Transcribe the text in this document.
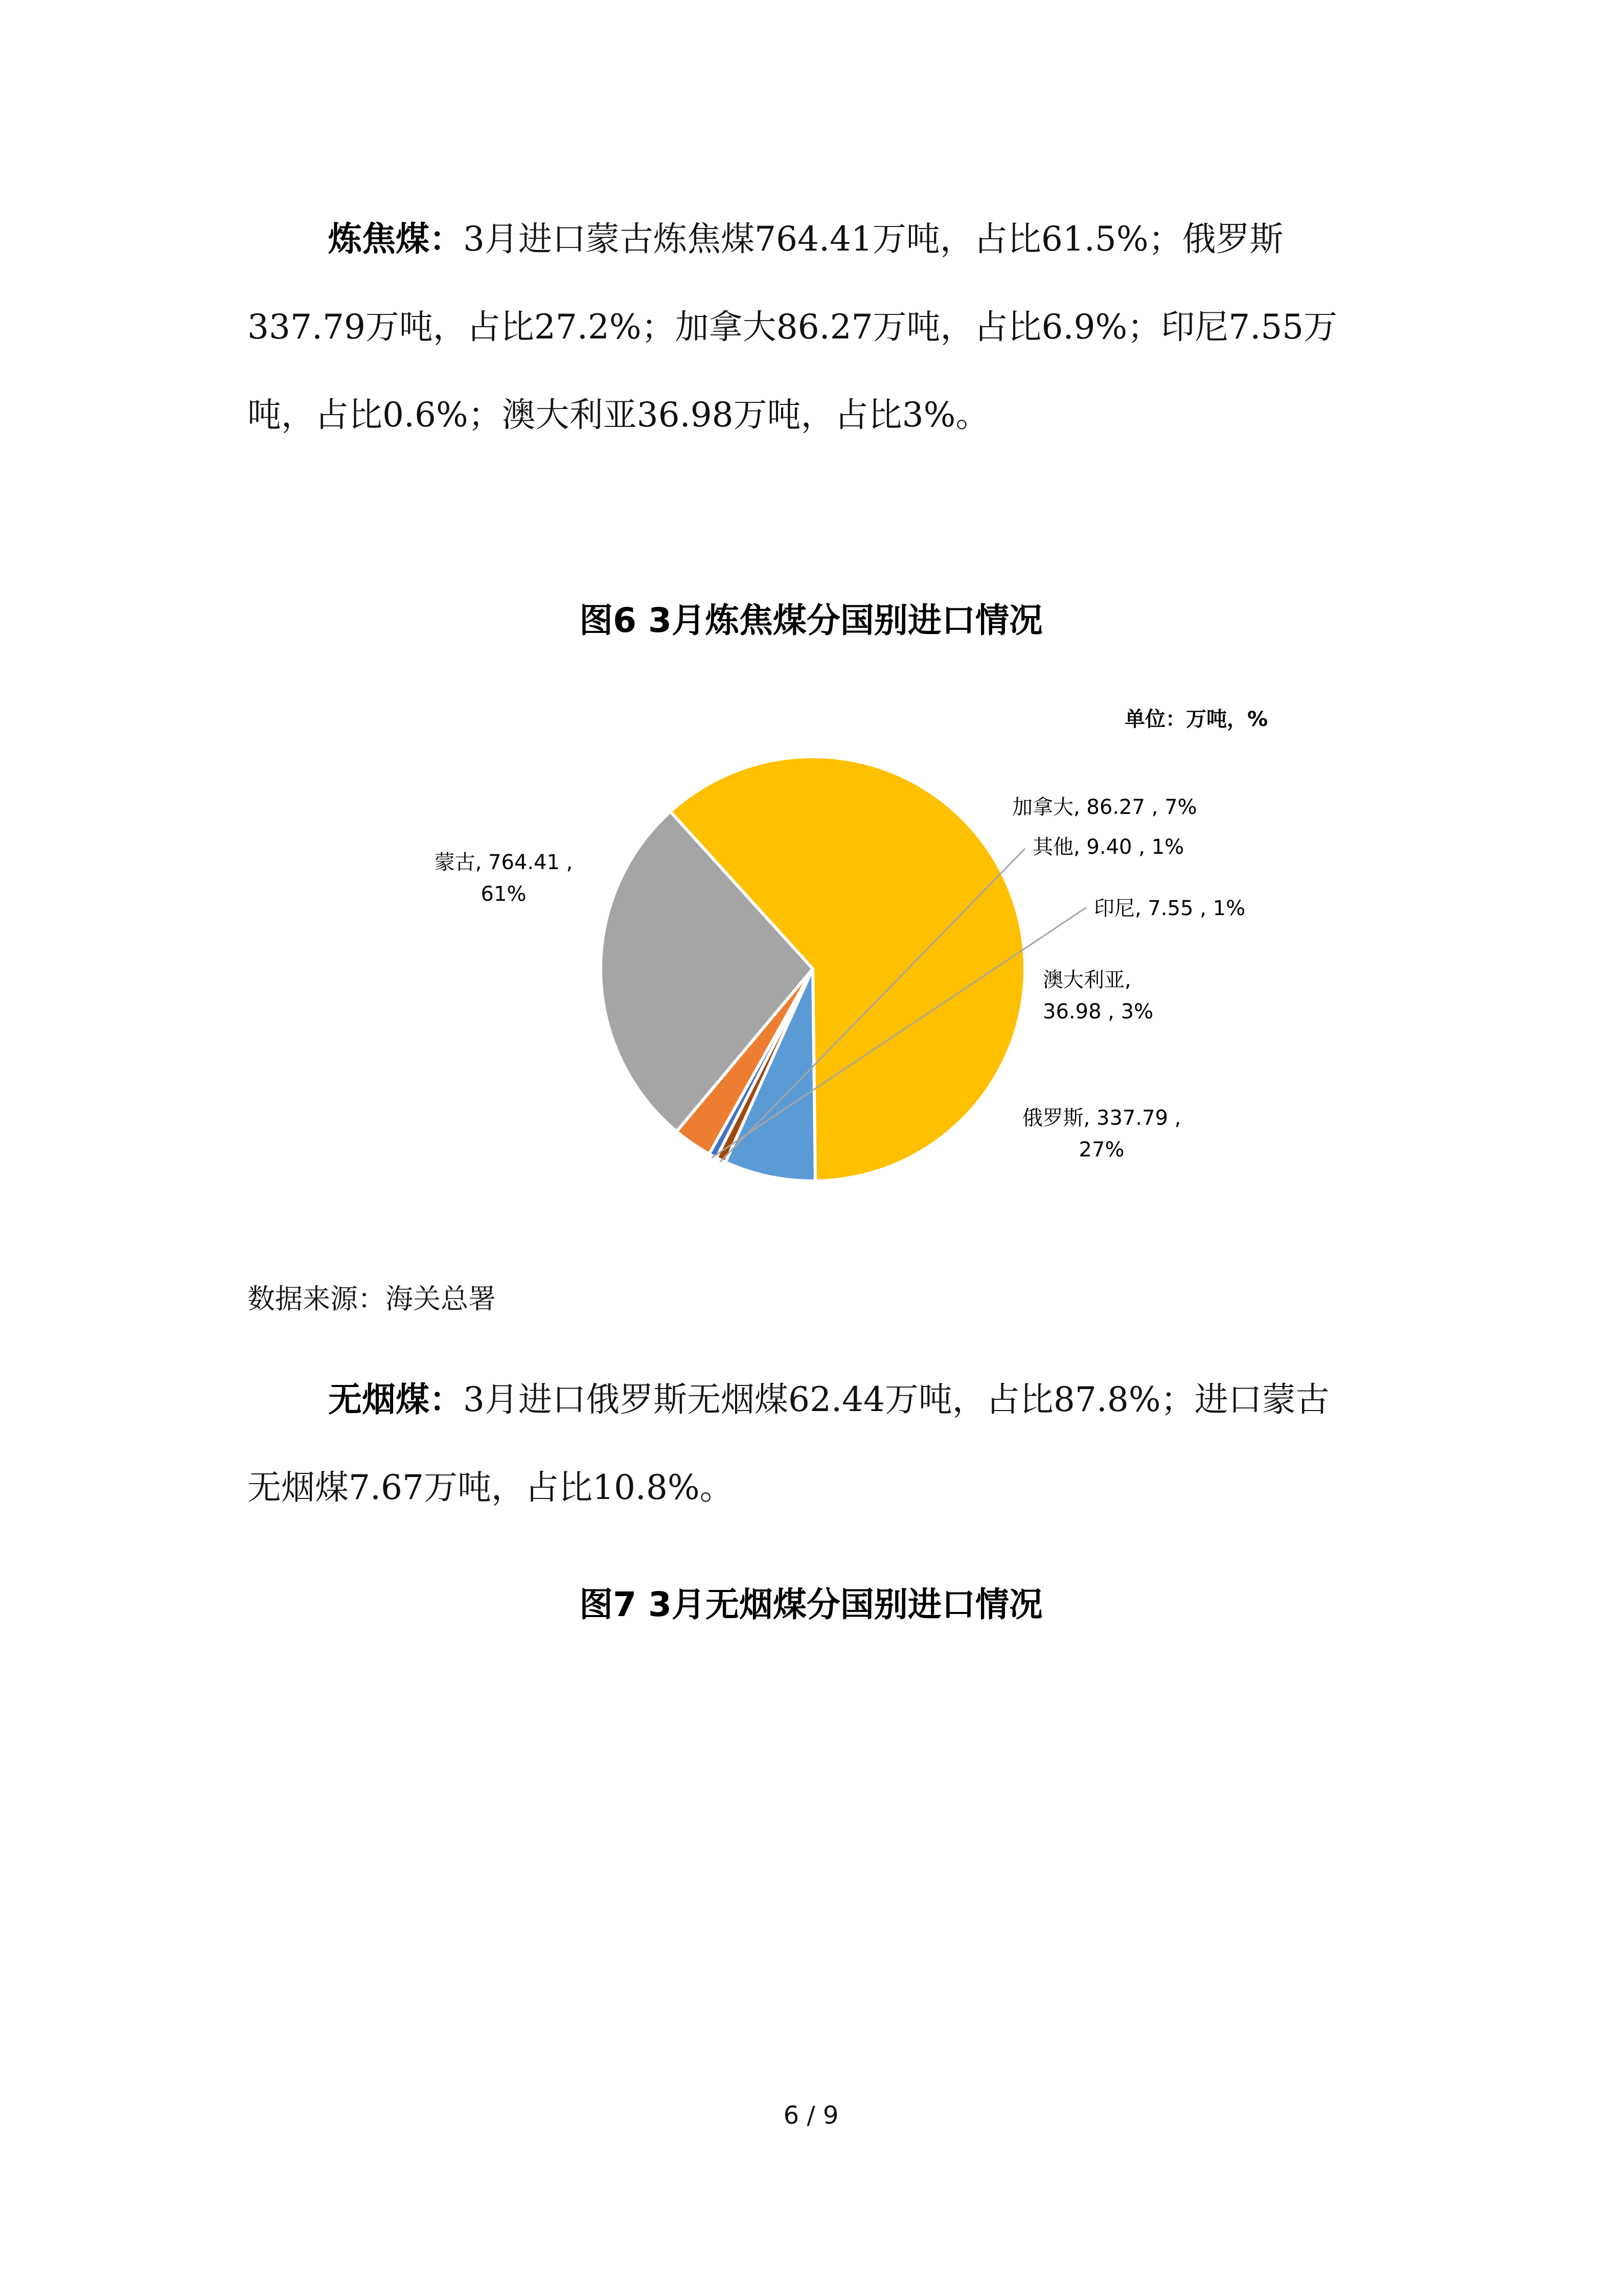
炼焦煤：3月进口蒙古炼焦煤764.41万吨，占比61.5%；俄罗斯337.79万吨，占比27.2%；加拿大86.27万吨，占比6.9%；印尼7.55万吨，占比0.6%；澳大利亚36.98万吨，占比3%。

图6 3月炼焦煤分国别进口情况

蒙古, 764.41 , 61%
俄罗斯, 337.79 , 27%
澳大利亚, 36.98 , 3%
印尼, 7.55 , 1%
其他, 9.40 , 1%
加拿大, 86.27 , 7%
单位：万吨，%

数据来源：海关总署

无烟煤：3月进口俄罗斯无烟煤62.44万吨，占比87.8%；进口蒙古无烟煤7.67万吨，占比10.8%。

图7 3月无烟煤分国别进口情况

6 / 9
